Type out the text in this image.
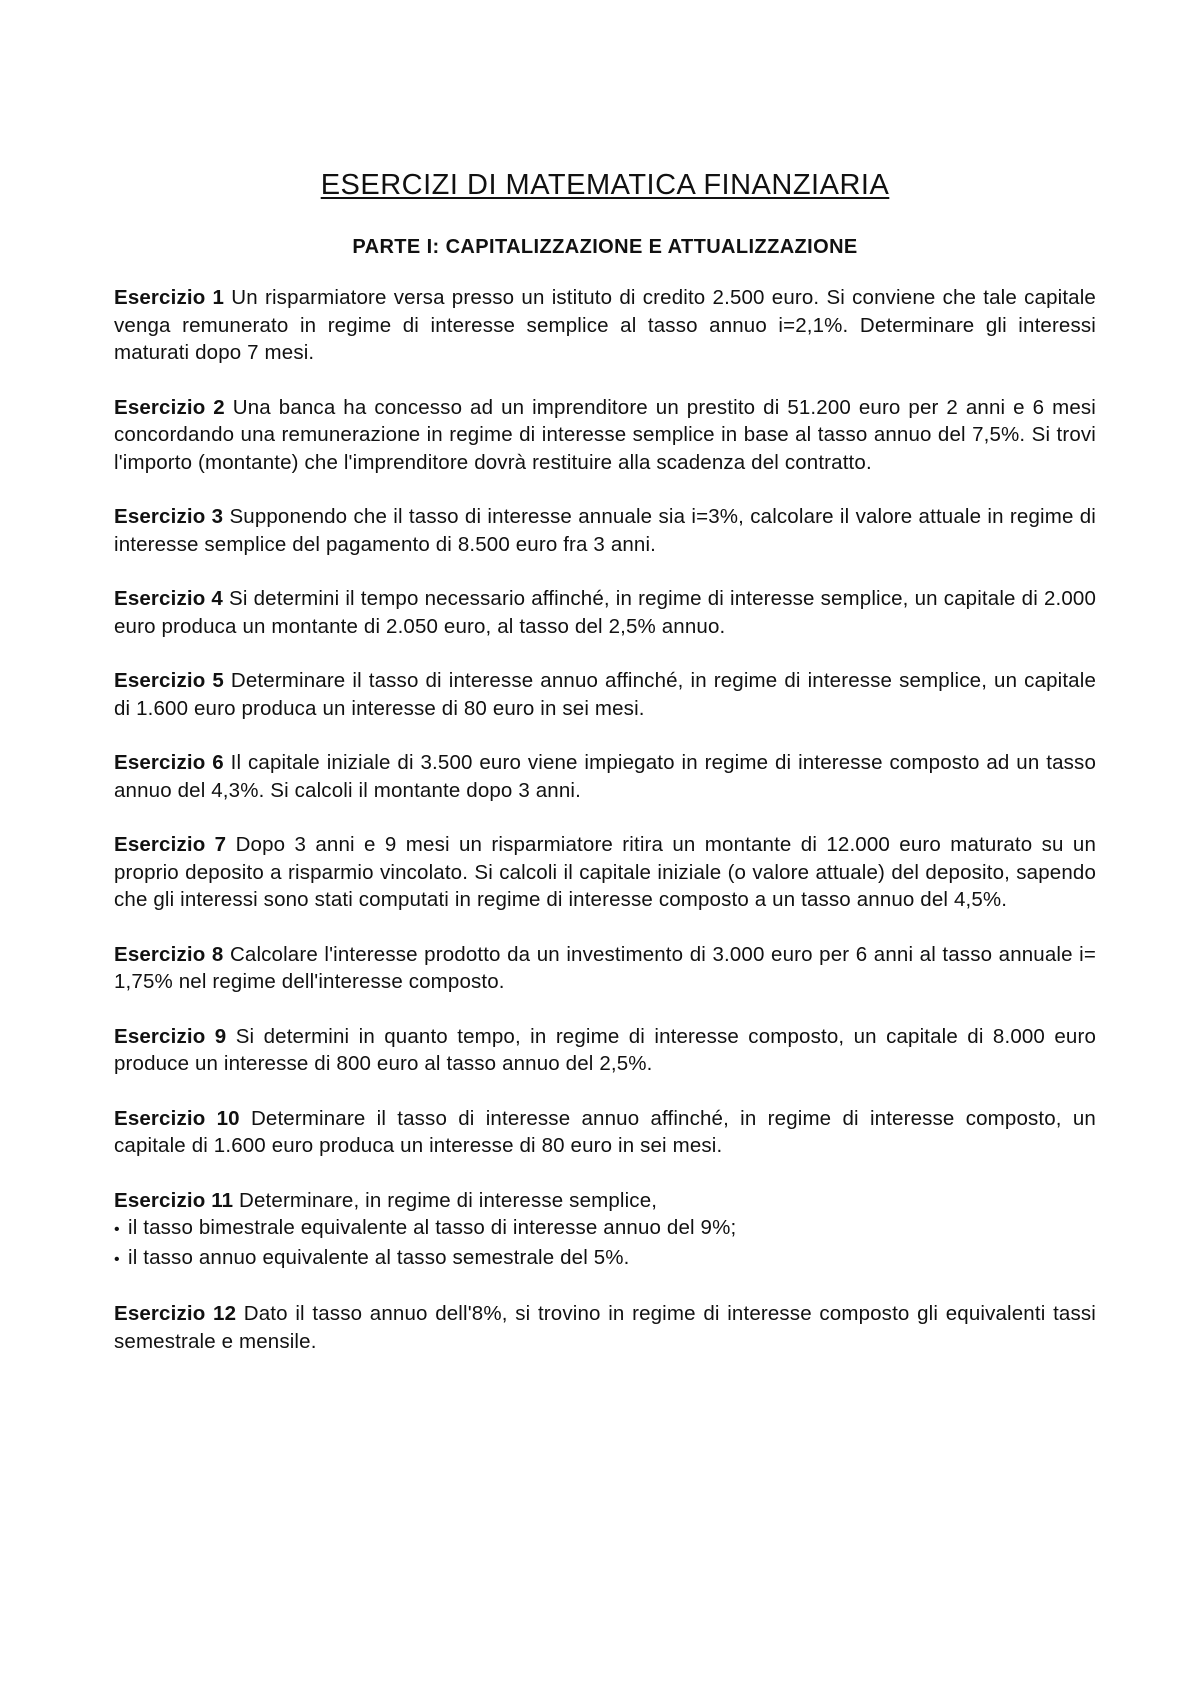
ESERCIZI DI MATEMATICA FINANZIARIA
PARTE I: CAPITALIZZAZIONE E ATTUALIZZAZIONE
Esercizio 1 Un risparmiatore versa presso un istituto di credito 2.500 euro. Si conviene che tale capitale venga remunerato in regime di interesse semplice al tasso annuo i=2,1%. Determinare gli interessi maturati dopo 7 mesi.
Esercizio 2 Una banca ha concesso ad un imprenditore un prestito di 51.200 euro per 2 anni e 6 mesi concordando una remunerazione in regime di interesse semplice in base al tasso annuo del 7,5%. Si trovi l'importo (montante) che l'imprenditore dovrà restituire alla scadenza del contratto.
Esercizio 3 Supponendo che il tasso di interesse annuale sia i=3%, calcolare il valore attuale in regime di interesse semplice del pagamento di 8.500 euro fra 3 anni.
Esercizio 4 Si determini il tempo necessario affinché, in regime di interesse semplice, un capitale di 2.000 euro produca un montante di 2.050 euro, al tasso del 2,5% annuo.
Esercizio 5 Determinare il tasso di interesse annuo affinché, in regime di interesse semplice, un capitale di 1.600 euro produca un interesse di 80 euro in sei mesi.
Esercizio 6 Il capitale iniziale di 3.500 euro viene impiegato in regime di interesse composto ad un tasso annuo del 4,3%. Si calcoli il montante dopo 3 anni.
Esercizio 7 Dopo 3 anni e 9 mesi un risparmiatore ritira un montante di 12.000 euro maturato su un proprio deposito a risparmio vincolato. Si calcoli il capitale iniziale (o valore attuale) del deposito, sapendo che gli interessi sono stati computati in regime di interesse composto a un tasso annuo del 4,5%.
Esercizio 8 Calcolare l'interesse prodotto da un investimento di 3.000 euro per 6 anni al tasso annuale i= 1,75% nel regime dell'interesse composto.
Esercizio 9 Si determini in quanto tempo, in regime di interesse composto, un capitale di 8.000 euro produce un interesse di 800 euro al tasso annuo del 2,5%.
Esercizio 10 Determinare il tasso di interesse annuo affinché, in regime di interesse composto, un capitale di 1.600 euro produca un interesse di 80 euro in sei mesi.
Esercizio 11 Determinare, in regime di interesse semplice,
• il tasso bimestrale equivalente al tasso di interesse annuo del 9%;
• il tasso annuo equivalente al tasso semestrale del 5%.
Esercizio 12 Dato il tasso annuo dell'8%, si trovino in regime di interesse composto gli equivalenti tassi semestrale e mensile.
